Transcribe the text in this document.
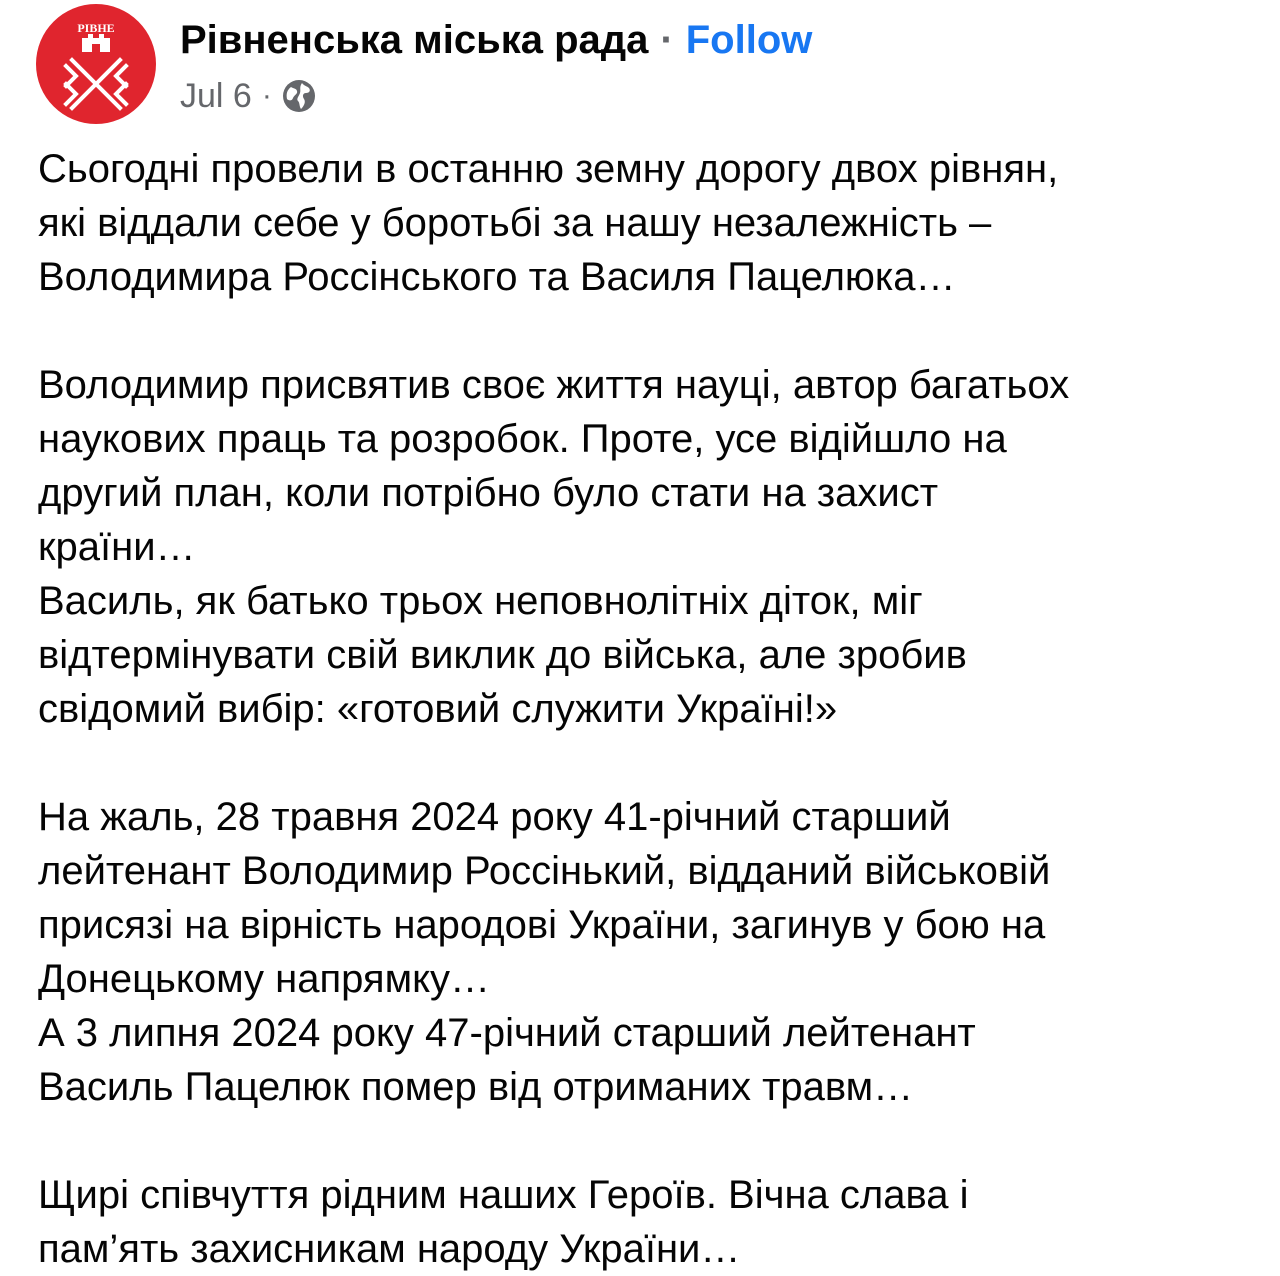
РІВНЕ Рівненська міська рада · Follow
Jul 6 ·
Сьогодні провели в останню земну дорогу двох рівнян,
які віддали себе у боротьбі за нашу незалежність –
Володимира Россінського та Василя Пацелюка…
Володимир присвятив своє життя науці, автор багатьох
наукових праць та розробок. Проте, усе відійшло на
другий план, коли потрібно було стати на захист
країни…
Василь, як батько трьох неповнолітніх діток, міг
відтермінувати свій виклик до війська, але зробив
свідомий вибір: «готовий служити Україні!»
На жаль, 28 травня 2024 року 41-річний старший
лейтенант Володимир Россінький, відданий військовій
присязі на вірність народові України, загинув у бою на
Донецькому напрямку…
А 3 липня 2024 року 47-річний старший лейтенант
Василь Пацелюк помер від отриманих травм…
Щирі співчуття рідним наших Героїв. Вічна слава і
пам’ять захисникам народу України…
